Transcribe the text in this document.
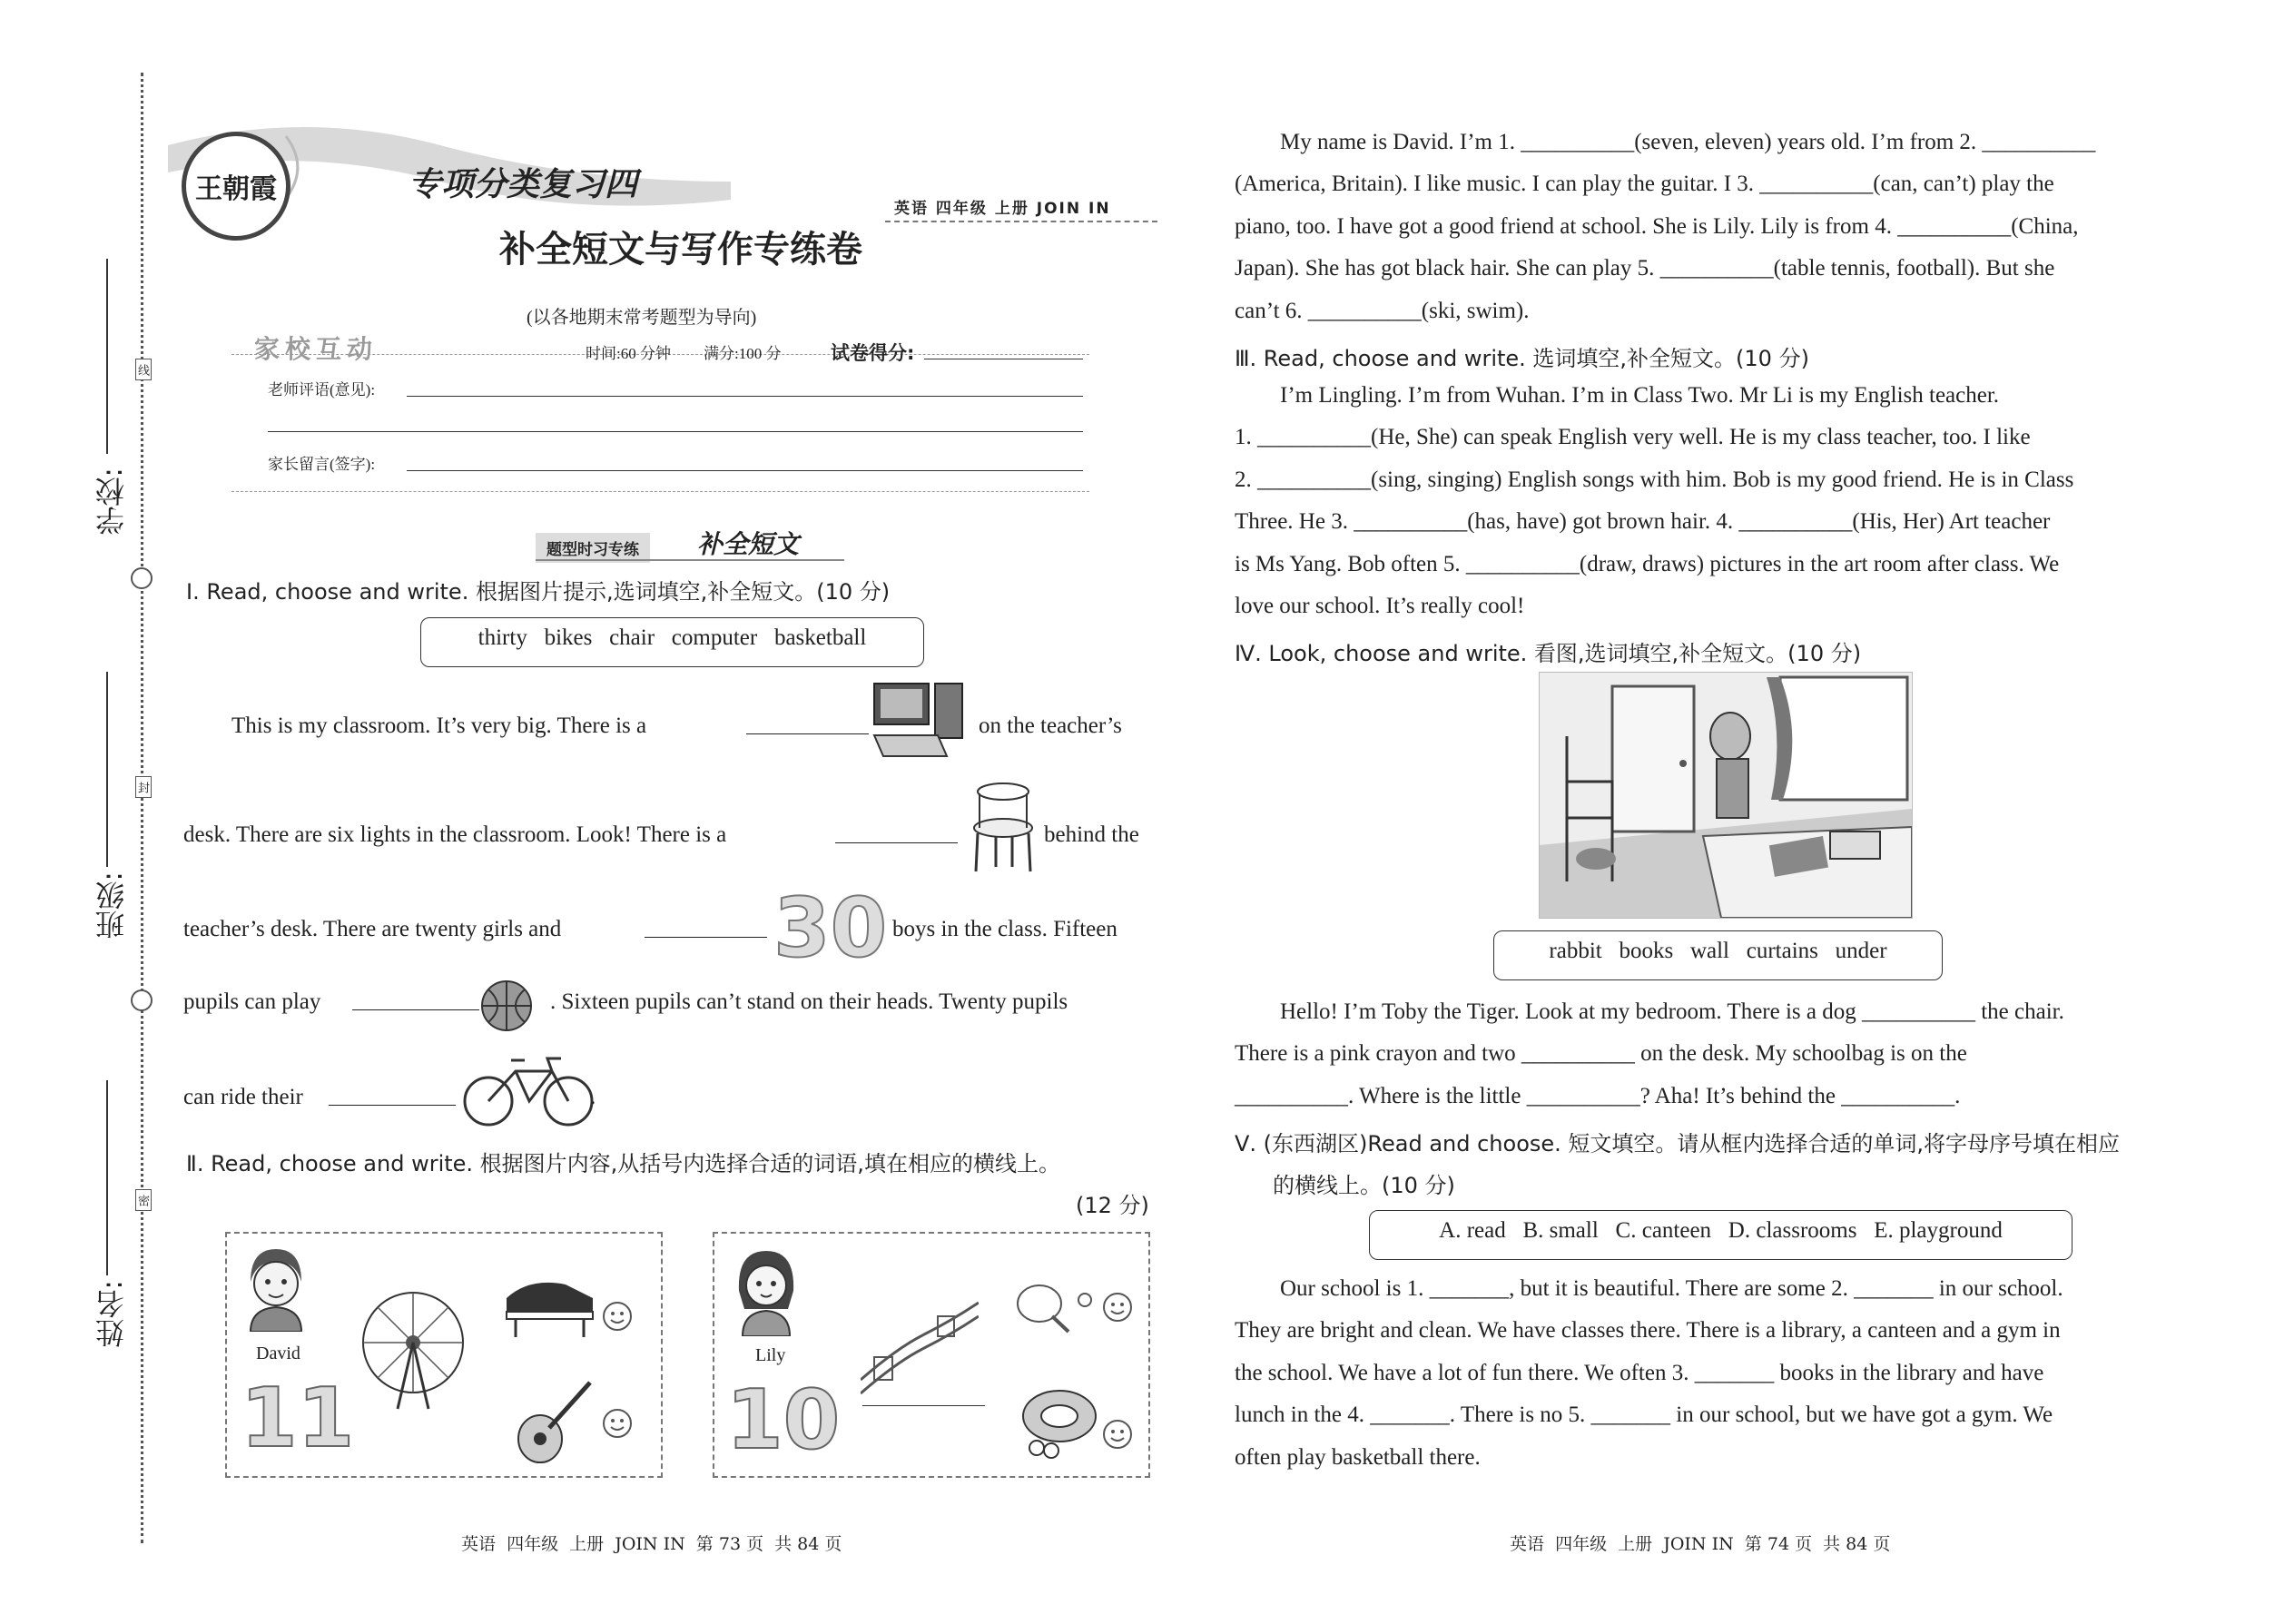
学校:
班级:
姓名:
线
封
密
王朝霞	专项分类复习四
补全短文与写作专练卷
英语 四年级 上册 JOIN IN
(以各地期末常考题型为导向)
家校互动	时间:60 分钟 满分:100 分	试卷得分:
老师评语(意见):
家长留言(签字):
题型时习专练	补全短文
Ⅰ. Read, choose and write. 根据图片提示,选词填空,补全短文。(10 分)
thirty   bikes   chair   computer   basketball
This is my classroom. It’s very big. There is a	on the teacher’s
desk. There are six lights in the classroom. Look! There is a	behind the
teacher’s desk. There are twenty girls and	30 boys in the class. Fifteen
pupils can play	. Sixteen pupils can’t stand on their heads. Twenty pupils
can ride their	.
Ⅱ. Read, choose and write. 根据图片内容,从括号内选择合适的词语,填在相应的横线上。
(12 分)
David
11
Lily
10
英语  四年级  上册  JOIN IN  第 73 页  共 84 页
My name is David. I’m 1. __________(seven, eleven) years old. I’m from 2. __________
(America, Britain). I like music. I can play the guitar. I 3. __________(can, can’t) play the
piano, too. I have got a good friend at school. She is Lily. Lily is from 4. __________(China,
Japan). She has got black hair. She can play 5. __________(table tennis, football). But she
can’t 6. __________(ski, swim).
Ⅲ. Read, choose and write. 选词填空,补全短文。(10 分)
I’m Lingling. I’m from Wuhan. I’m in Class Two. Mr Li is my English teacher.
1. __________(He, She) can speak English very well. He is my class teacher, too. I like
2. __________(sing, singing) English songs with him. Bob is my good friend. He is in Class
Three. He 3. __________(has, have) got brown hair. 4. __________(His, Her) Art teacher
is Ms Yang. Bob often 5. __________(draw, draws) pictures in the art room after class. We
love our school. It’s really cool!
Ⅳ. Look, choose and write. 看图,选词填空,补全短文。(10 分)
rabbit   books   wall   curtains   under
Hello! I’m Toby the Tiger. Look at my bedroom. There is a dog __________ the chair.
There is a pink crayon and two __________ on the desk. My schoolbag is on the
__________. Where is the little __________? Aha! It’s behind the __________.
Ⅴ. (东西湖区)Read and choose. 短文填空。请从框内选择合适的单词,将字母序号填在相应
的横线上。(10 分)
A. read   B. small   C. canteen   D. classrooms   E. playground
Our school is 1. _______, but it is beautiful. There are some 2. _______ in our school.
They are bright and clean. We have classes there. There is a library, a canteen and a gym in
the school. We have a lot of fun there. We often 3. _______ books in the library and have
lunch in the 4. _______. There is no 5. _______ in our school, but we have got a gym. We
often play basketball there.
英语  四年级  上册  JOIN IN  第 74 页  共 84 页
